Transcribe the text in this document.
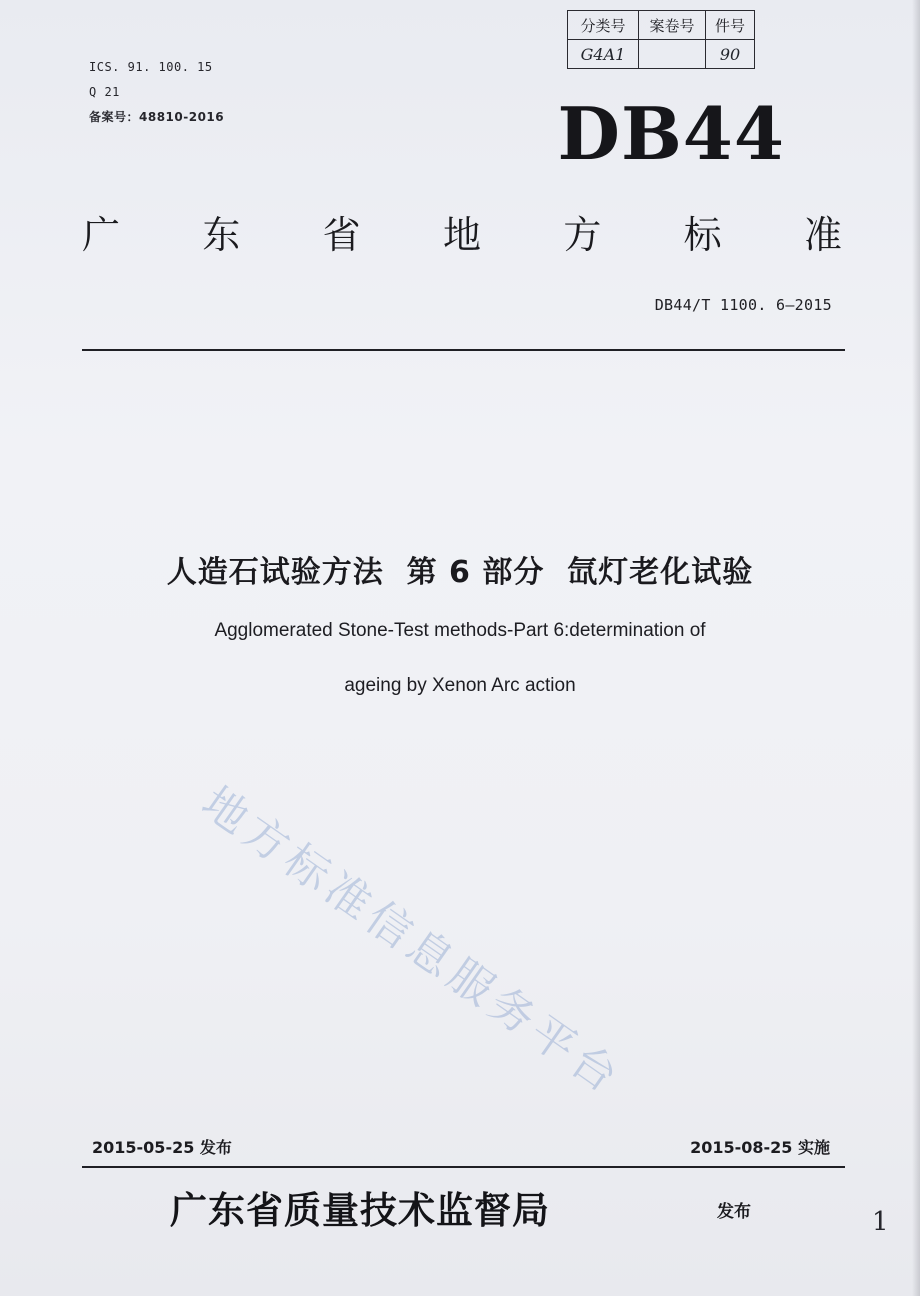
分类号	案卷号	件号
G4A1		90
ICS. 91. 100. 15
Q 21
备案号：48810-2016	DB44
广 东 省 地 方 标 准
DB44/T 1100. 6—2015
人造石试验方法  第 6 部分  氙灯老化试验
Agglomerated Stone-Test methods-Part 6:determination of
ageing by Xenon Arc action
地方标准信息服务平台
2015-05-25 发布	2015-08-25 实施
广东省质量技术监督局	发布	1
